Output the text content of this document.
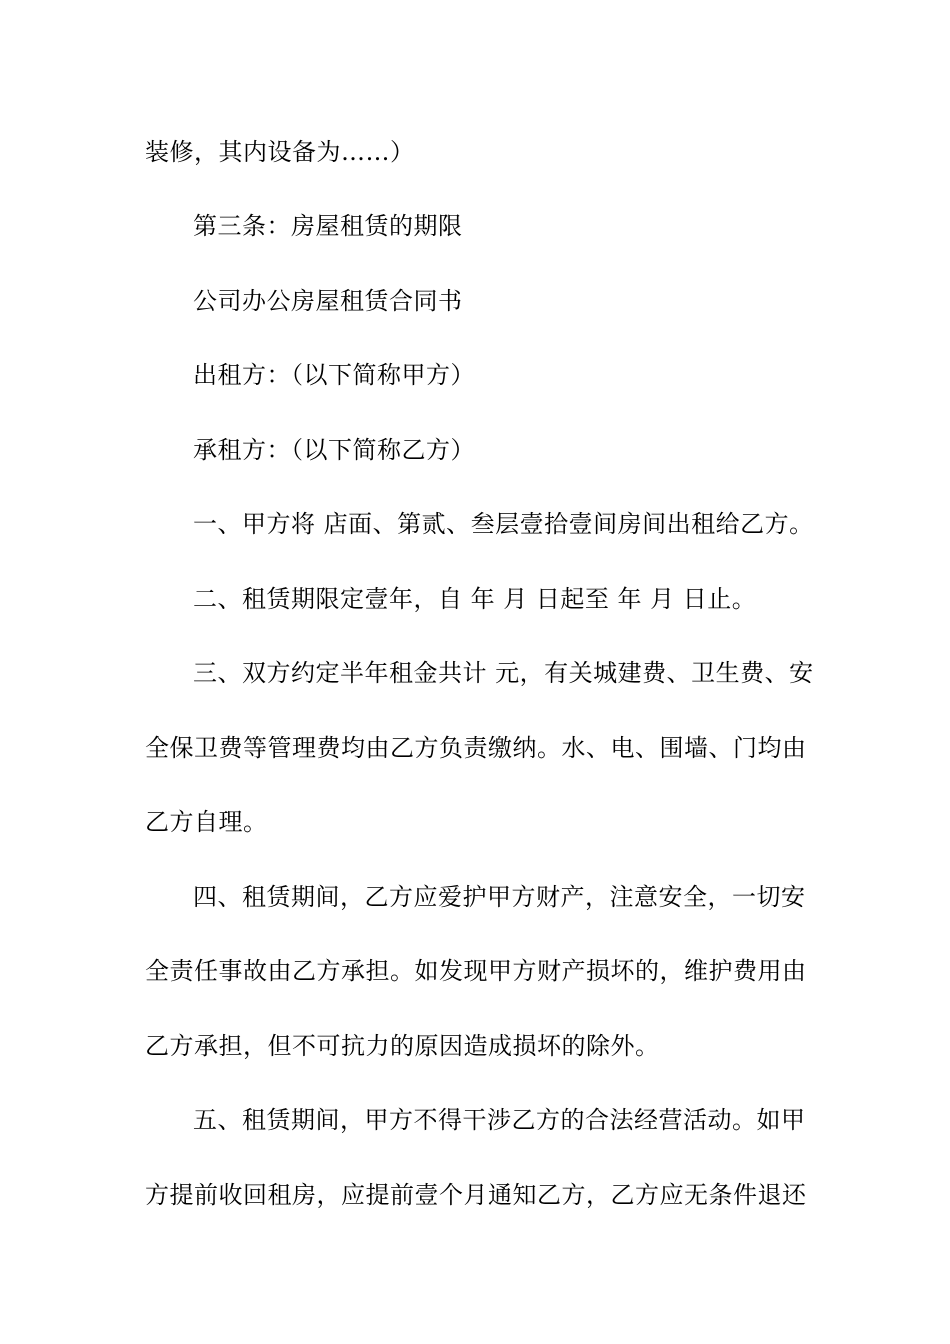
装修，其内设备为……）
第三条：房屋租赁的期限
公司办公房屋租赁合同书
出租方：（以下简称甲方）
承租方：（以下简称乙方）
一、甲方将 店面、第贰、叁层壹拾壹间房间出租给乙方。
二、租赁期限定壹年，自 年 月 日起至 年 月 日止。
三、双方约定半年租金共计 元，有关城建费、卫生费、安
全保卫费等管理费均由乙方负责缴纳。水、电、围墙、门均由
乙方自理。
四、租赁期间，乙方应爱护甲方财产，注意安全，一切安
全责任事故由乙方承担。如发现甲方财产损坏的，维护费用由
乙方承担，但不可抗力的原因造成损坏的除外。
五、租赁期间，甲方不得干涉乙方的合法经营活动。如甲
方提前收回租房，应提前壹个月通知乙方，乙方应无条件退还
